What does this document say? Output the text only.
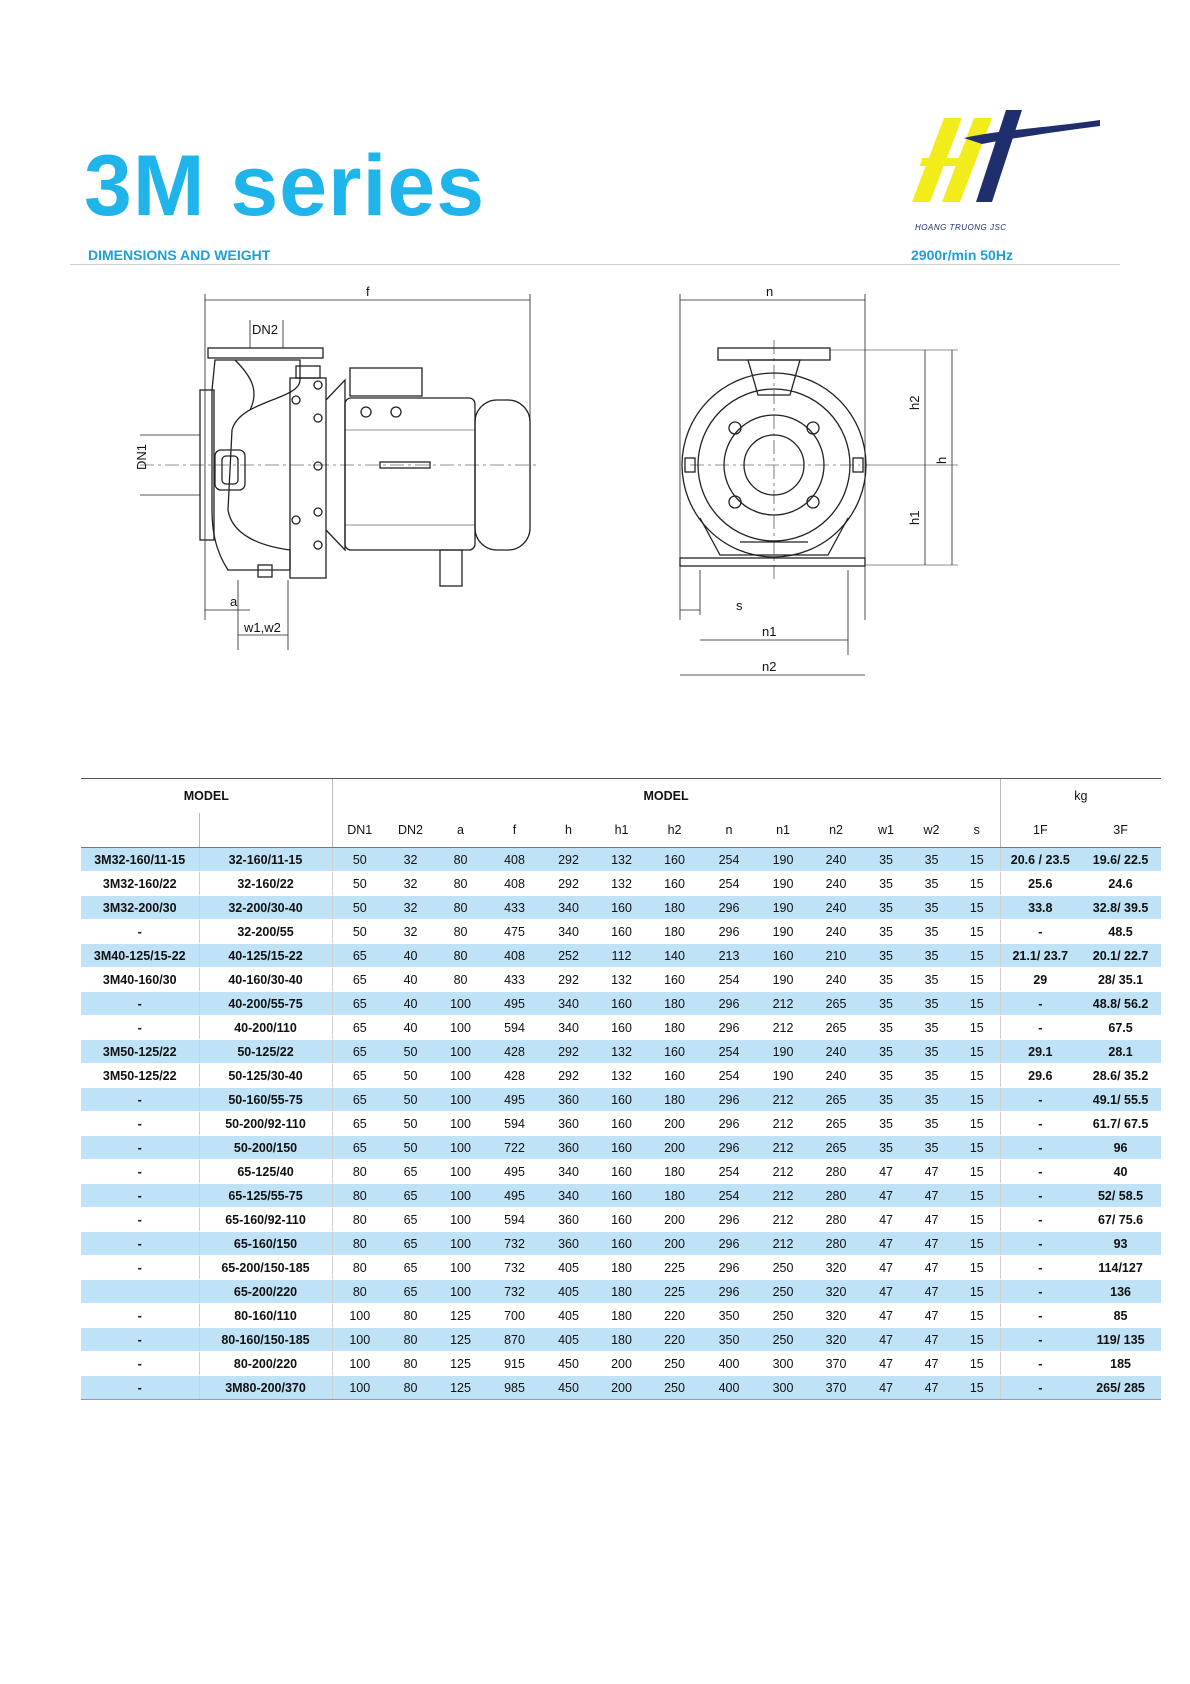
3M series
DIMENSIONS AND WEIGHT	2900r/min 50Hz
HOANG TRUONG JSC
f
DN2
DN1
a
w1,w2
n
h2
h
h1
s
n1
n2
MODEL		MODEL													kg	
		DN1	DN2	a	f	h	h1	h2	n	n1	n2	w1	w2	s	1F	3F
3M32-160/11-15	32-160/11-15	50	32	80	408	292	132	160	254	190	240	35	35	15	20.6 / 23.5	19.6/ 22.5
3M32-160/22	32-160/22	50	32	80	408	292	132	160	254	190	240	35	35	15	25.6	24.6
3M32-200/30	32-200/30-40	50	32	80	433	340	160	180	296	190	240	35	35	15	33.8	32.8/ 39.5
-	32-200/55	50	32	80	475	340	160	180	296	190	240	35	35	15	-	48.5
3M40-125/15-22	40-125/15-22	65	40	80	408	252	112	140	213	160	210	35	35	15	21.1/ 23.7	20.1/ 22.7
3M40-160/30	40-160/30-40	65	40	80	433	292	132	160	254	190	240	35	35	15	29	28/ 35.1
-	40-200/55-75	65	40	100	495	340	160	180	296	212	265	35	35	15	-	48.8/ 56.2
-	40-200/110	65	40	100	594	340	160	180	296	212	265	35	35	15	-	67.5
3M50-125/22	50-125/22	65	50	100	428	292	132	160	254	190	240	35	35	15	29.1	28.1
3M50-125/22	50-125/30-40	65	50	100	428	292	132	160	254	190	240	35	35	15	29.6	28.6/ 35.2
-	50-160/55-75	65	50	100	495	360	160	180	296	212	265	35	35	15	-	49.1/ 55.5
-	50-200/92-110	65	50	100	594	360	160	200	296	212	265	35	35	15	-	61.7/ 67.5
-	50-200/150	65	50	100	722	360	160	200	296	212	265	35	35	15	-	96
-	65-125/40	80	65	100	495	340	160	180	254	212	280	47	47	15	-	40
-	65-125/55-75	80	65	100	495	340	160	180	254	212	280	47	47	15	-	52/ 58.5
-	65-160/92-110	80	65	100	594	360	160	200	296	212	280	47	47	15	-	67/ 75.6
-	65-160/150	80	65	100	732	360	160	200	296	212	280	47	47	15	-	93
-	65-200/150-185	80	65	100	732	405	180	225	296	250	320	47	47	15	-	114/127
	65-200/220	80	65	100	732	405	180	225	296	250	320	47	47	15	-	136
-	80-160/110	100	80	125	700	405	180	220	350	250	320	47	47	15	-	85
-	80-160/150-185	100	80	125	870	405	180	220	350	250	320	47	47	15	-	119/ 135
-	80-200/220	100	80	125	915	450	200	250	400	300	370	47	47	15	-	185
-	3M80-200/370	100	80	125	985	450	200	250	400	300	370	47	47	15	-	265/ 285
